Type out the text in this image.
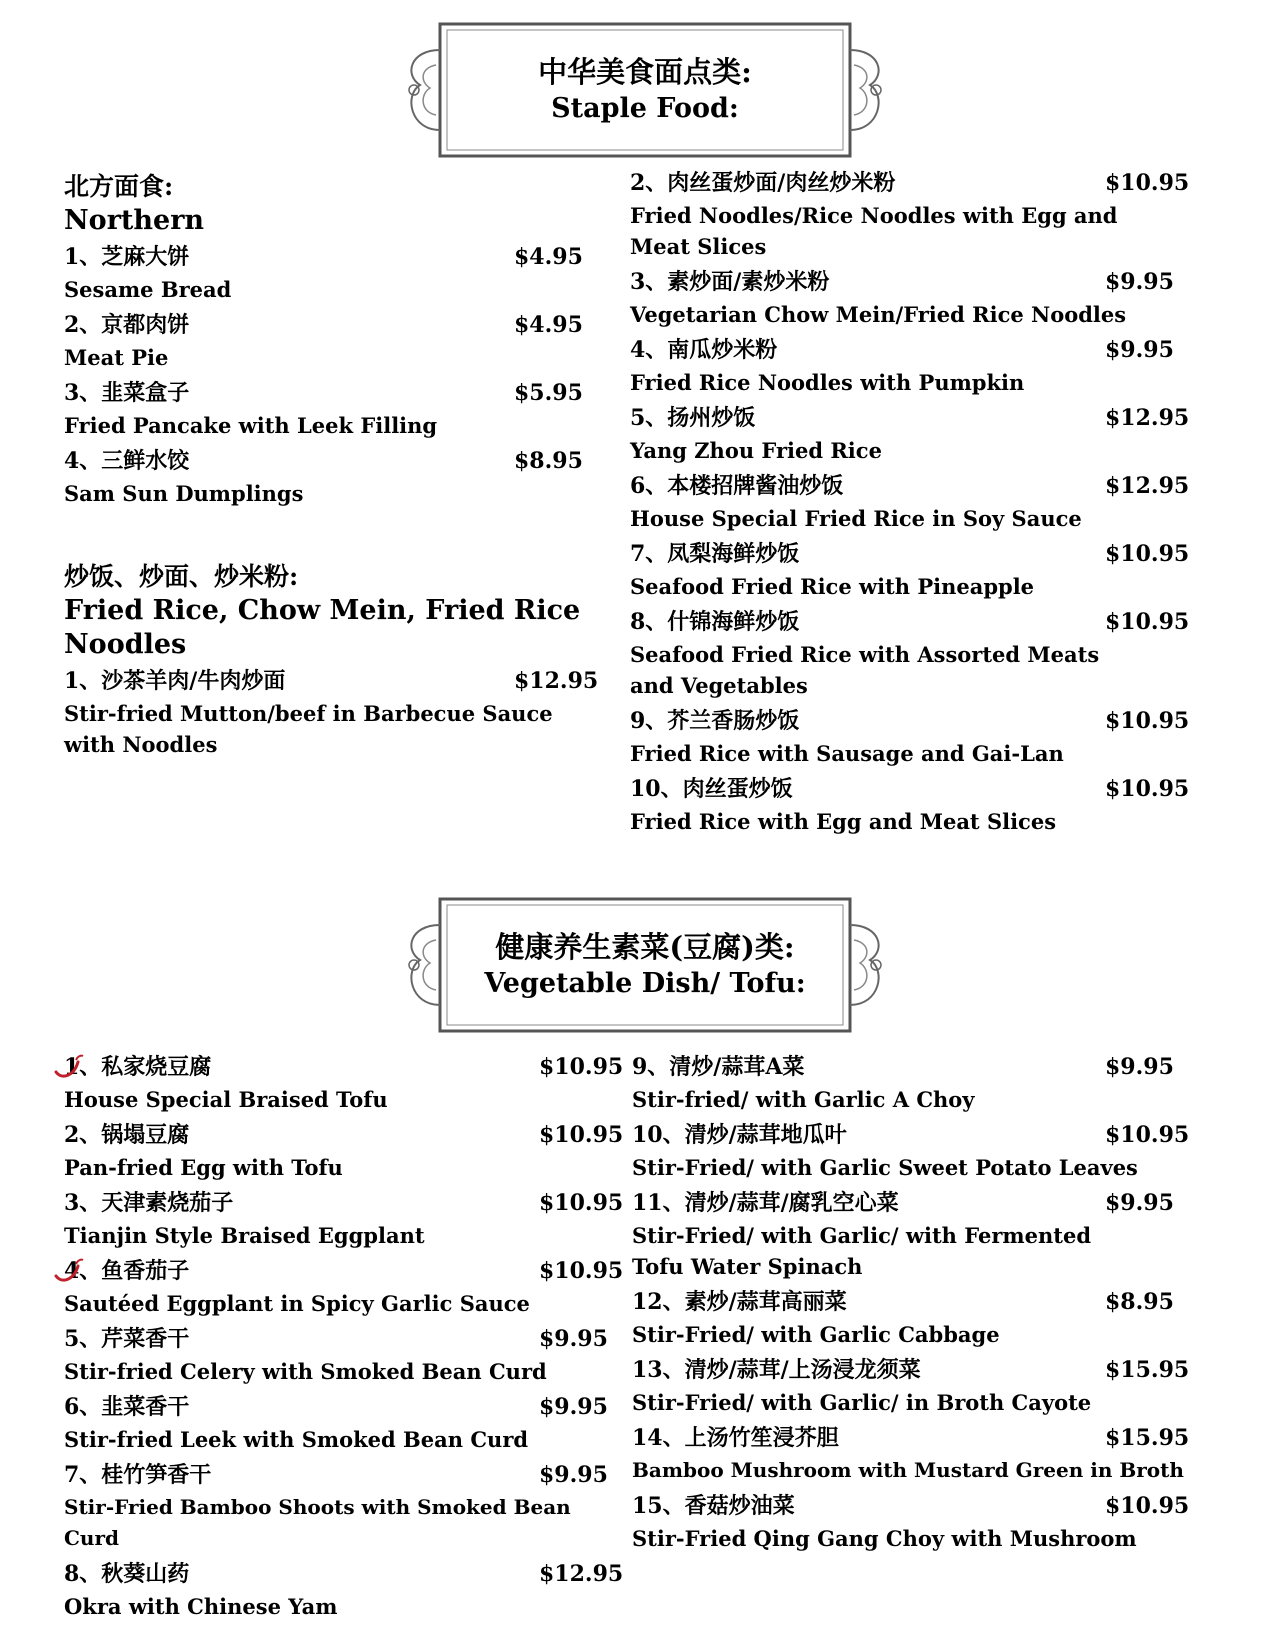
中华美食面点类:
Staple Food:
北方面食:
Northern
1、芝麻大饼	$4.95
Sesame Bread
2、京都肉饼	$4.95
Meat Pie
3、韭菜盒子	$5.95
Fried Pancake with Leek Filling
4、三鲜水饺	$8.95
Sam Sun Dumplings
炒饭、炒面、炒米粉:
Fried Rice, Chow Mein, Fried Rice Noodles
1、沙茶羊肉/牛肉炒面	$12.95
Stir-fried Mutton/beef in Barbecue Sauce with Noodles
2、肉丝蛋炒面/肉丝炒米粉	$10.95
Fried Noodles/Rice Noodles with Egg and Meat Slices
3、素炒面/素炒米粉	$9.95
Vegetarian Chow Mein/Fried Rice Noodles
4、南瓜炒米粉	$9.95
Fried Rice Noodles with Pumpkin
5、扬州炒饭	$12.95
Yang Zhou Fried Rice
6、本楼招牌酱油炒饭	$12.95
House Special Fried Rice in Soy Sauce
7、凤梨海鲜炒饭	$10.95
Seafood Fried Rice with Pineapple
8、什锦海鲜炒饭	$10.95
Seafood Fried Rice with Assorted Meats and Vegetables
9、芥兰香肠炒饭	$10.95
Fried Rice with Sausage and Gai-Lan
10、肉丝蛋炒饭	$10.95
Fried Rice with Egg and Meat Slices
健康养生素菜(豆腐)类:
Vegetable Dish/ Tofu:
1、私家烧豆腐	$10.95
House Special Braised Tofu
2、锅塌豆腐	$10.95
Pan-fried Egg with Tofu
3、天津素烧茄子	$10.95
Tianjin Style Braised Eggplant
4、鱼香茄子	$10.95
Sautéed Eggplant in Spicy Garlic Sauce
5、芹菜香干	$9.95
Stir-fried Celery with Smoked Bean Curd
6、韭菜香干	$9.95
Stir-fried Leek with Smoked Bean Curd
7、桂竹笋香干	$9.95
Stir-Fried Bamboo Shoots with Smoked Bean Curd
8、秋葵山药	$12.95
Okra with Chinese Yam
9、清炒/蒜茸A菜	$9.95
Stir-fried/ with Garlic A Choy
10、清炒/蒜茸地瓜叶	$10.95
Stir-Fried/ with Garlic Sweet Potato Leaves
11、清炒/蒜茸/腐乳空心菜	$9.95
Stir-Fried/ with Garlic/ with Fermented Tofu Water Spinach
12、素炒/蒜茸高丽菜	$8.95
Stir-Fried/ with Garlic Cabbage
13、清炒/蒜茸/上汤浸龙须菜	$15.95
Stir-Fried/ with Garlic/ in Broth Cayote
14、上汤竹笙浸芥胆	$15.95
Bamboo Mushroom with Mustard Green in Broth
15、香菇炒油菜	$10.95
Stir-Fried Qing Gang Choy with Mushroom
